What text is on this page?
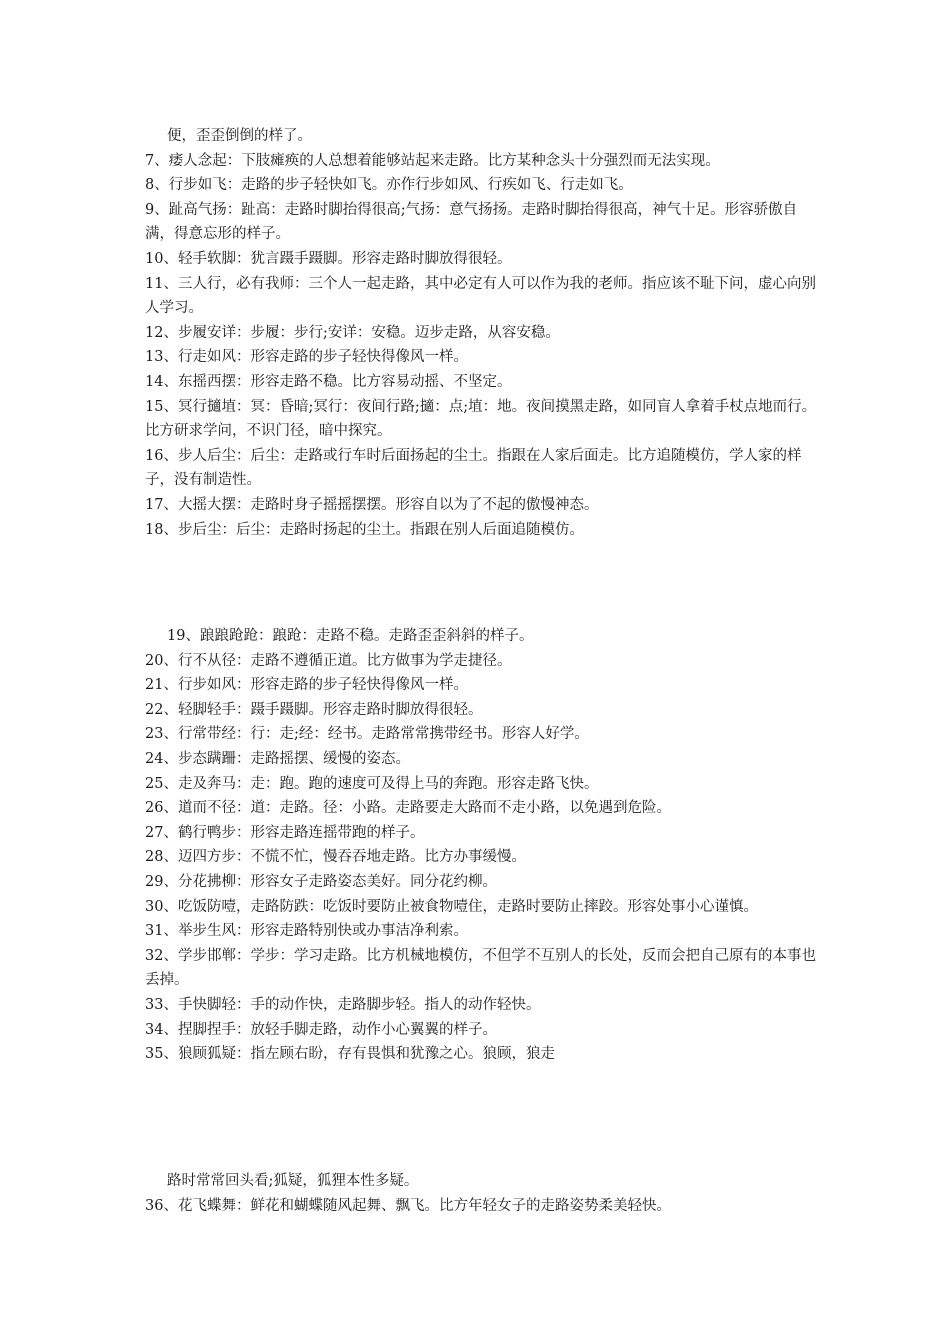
便，歪歪倒倒的样了。

7、痿人念起：下肢瘫痪的人总想着能够站起来走路。比方某种念头十分强烈而无法实现。

8、行步如飞：走路的步子轻快如飞。亦作行步如风、行疾如飞、行走如飞。

9、趾高气扬：趾高：走路时脚抬得很高;气扬：意气扬扬。走路时脚抬得很高，神气十足。形容骄傲自满，得意忘形的样子。

10、轻手软脚：犹言蹑手蹑脚。形容走路时脚放得很轻。

11、三人行，必有我师：三个人一起走路，其中必定有人可以作为我的老师。指应该不耻下问，虚心向别人学习。

12、步履安详：步履：步行;安详：安稳。迈步走路，从容安稳。

13、行走如风：形容走路的步子轻快得像风一样。

14、东摇西摆：形容走路不稳。比方容易动摇、不坚定。

15、冥行擿埴：冥：昏暗;冥行：夜间行路;擿：点;埴：地。夜间摸黑走路，如同盲人拿着手杖点地而行。比方研求学问，不识门径，暗中探究。

16、步人后尘：后尘：走路或行车时后面扬起的尘土。指跟在人家后面走。比方追随模仿，学人家的样子，没有制造性。

17、大摇大摆：走路时身子摇摇摆摆。形容自以为了不起的傲慢神态。

18、步后尘：后尘：走路时扬起的尘土。指跟在别人后面追随模仿。

19、踉踉跄跄：踉跄：走路不稳。走路歪歪斜斜的样子。

20、行不从径：走路不遵循正道。比方做事为学走捷径。

21、行步如风：形容走路的步子轻快得像风一样。

22、轻脚轻手：蹑手蹑脚。形容走路时脚放得很轻。

23、行常带经：行：走;经：经书。走路常常携带经书。形容人好学。

24、步态蹒跚：走路摇摆、缓慢的姿态。

25、走及奔马：走：跑。跑的速度可及得上马的奔跑。形容走路飞快。

26、道而不径：道：走路。径：小路。走路要走大路而不走小路，以免遇到危险。

27、鹤行鸭步：形容走路连摇带跑的样子。

28、迈四方步：不慌不忙，慢吞吞地走路。比方办事缓慢。

29、分花拂柳：形容女子走路姿态美好。同分花约柳。

30、吃饭防噎，走路防跌：吃饭时要防止被食物噎住，走路时要防止摔跤。形容处事小心谨慎。

31、举步生风：形容走路特别快或办事洁净利索。

32、学步邯郸：学步：学习走路。比方机械地模仿，不但学不互别人的长处，反而会把自己原有的本事也丢掉。

33、手快脚轻：手的动作快，走路脚步轻。指人的动作轻快。

34、捏脚捏手：放轻手脚走路，动作小心翼翼的样子。

35、狼顾狐疑：指左顾右盼，存有畏惧和犹豫之心。狼顾，狼走

路时常常回头看;狐疑，狐狸本性多疑。

36、花飞蝶舞：鲜花和蝴蝶随风起舞、飘飞。比方年轻女子的走路姿势柔美轻快。
